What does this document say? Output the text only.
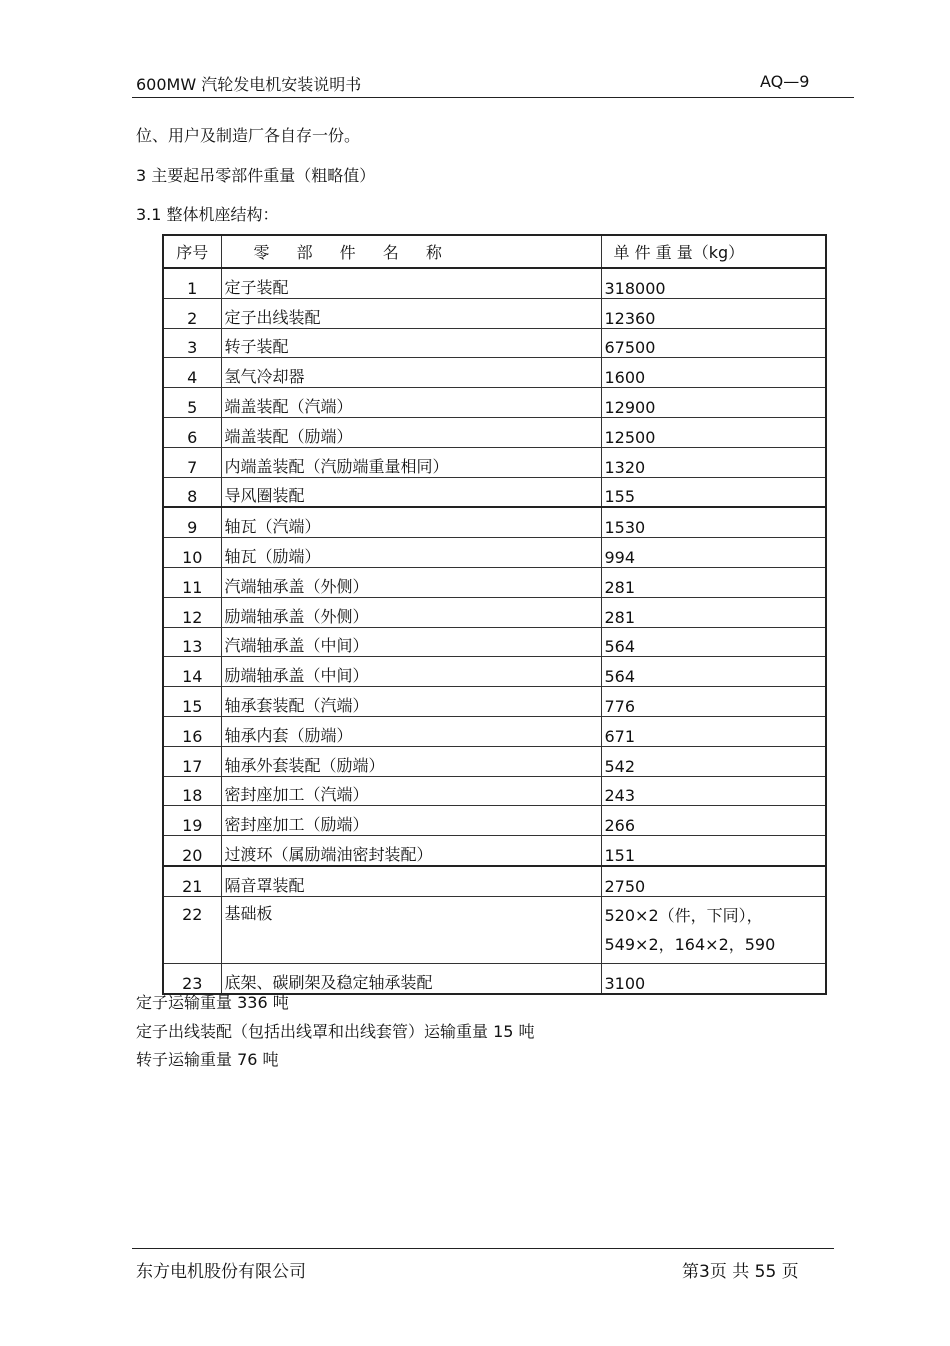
600MW 汽轮发电机安装说明书	AQ—9
位、用户及制造厂各自存一份。
3 主要起吊零部件重量（粗略值）
3.1 整体机座结构：
序号	零 部 件 名 称	单 件 重 量（kg）
1	定子装配	318000
2	定子出线装配	12360
3	转子装配	67500
4	氢气冷却器	1600
5	端盖装配（汽端）	12900
6	端盖装配（励端）	12500
7	内端盖装配（汽励端重量相同）	1320
8	导风圈装配	155
9	轴瓦（汽端）	1530
10	轴瓦（励端）	994
11	汽端轴承盖（外侧）	281
12	励端轴承盖（外侧）	281
13	汽端轴承盖（中间）	564
14	励端轴承盖（中间）	564
15	轴承套装配（汽端）	776
16	轴承内套（励端）	671
17	轴承外套装配（励端）	542
18	密封座加工（汽端）	243
19	密封座加工（励端）	266
20	过渡环（属励端油密封装配）	151
21	隔音罩装配	2750
22	基础板	520×2（件，下同）， 549×2，164×2，590
23	底架、碳刷架及稳定轴承装配	3100
定子运输重量 336 吨
定子出线装配（包括出线罩和出线套管）运输重量 15 吨
转子运输重量 76 吨
东方电机股份有限公司	第3页 共 55 页
